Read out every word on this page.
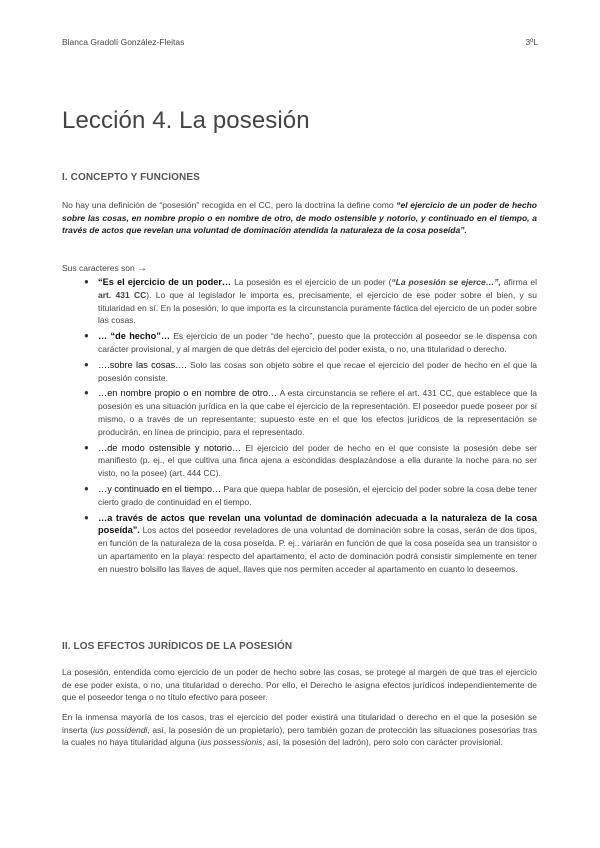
Blanca Gradolí González-Fleitas	3ºL
Lección 4. La posesión
I. CONCEPTO Y FUNCIONES

No hay una definición de “posesión” recogida en el CC, pero la doctrina la define como “el ejercicio de un poder de hecho sobre las cosas, en nombre propio o en nombre de otro, de modo ostensible y notorio, y continuado en el tiempo, a través de actos que revelan una voluntad de dominación atendida la naturaleza de la cosa poseída”.

Sus caracteres son →

● “Es el ejercicio de un poder… La posesión es el ejercicio de un poder (“La posesión se ejerce…”, afirma el art. 431 CC). Lo que al legislador le importa es, precisamente, el ejercicio de ese poder sobre el bien, y su titularidad en sí. En la posesión, lo que importa es la circunstancia puramente fáctica del ejercicio de un poder sobre las cosas.
● … “de hecho”… Es ejercicio de un poder “de hecho”, puesto que la protección al poseedor se le dispensa con carácter provisional, y al margen de que detrás del ejercicio del poder exista, o no, una titularidad o derecho.
● ….sobre las cosas…. Solo las cosas son objeto sobre el que recae el ejercicio del poder de hecho en el que la posesión consiste.
● …en nombre propio o en nombre de otro… A esta circunstancia se refiere el art. 431 CC, que establece que la posesión es una situación jurídica en la que cabe el ejercicio de la representación. El poseedor puede poseer por sí mismo, o a través de un representante; supuesto este en el que los efectos jurídicos de la representación se producirán, en línea de principio, para el representado.
● …de modo ostensible y notorio… El ejercicio del poder de hecho en el que consiste la posesión debe ser manifiesto (p. ej., el que cultiva una finca ajena a escondidas desplazándose a ella durante la noche para no ser visto, no la posee) (art. 444 CC).
● …y continuado en el tiempo… Para que quepa hablar de posesión, el ejercicio del poder sobre la cosa debe tener cierto grado de continuidad en el tiempo.
● …a través de actos que revelan una voluntad de dominación adecuada a la naturaleza de la cosa poseída”. Los actos del poseedor reveladores de una voluntad de dominación sobre la cosas, serán de dos tipos, en función de la naturaleza de la cosa poseída. P. ej.. variarán en función de que la cosa poseída sea un transistor o un apartamento en la playa: respecto del apartamento, el acto de dominación podrá consistir simplemente en tener en nuestro bolsillo las llaves de aquel, llaves que nos permiten acceder al apartamento en cuanto lo deseemos.
II. LOS EFECTOS JURÍDICOS DE LA POSESIÓN

La posesión, entendida como ejercicio de un poder de hecho sobre las cosas, se protege al margen de que tras el ejercicio de ese poder exista, o no, una titularidad o derecho. Por ello, el Derecho le asigna efectos jurídicos independientemente de que el poseedor tenga o no título efectivo para poseer.

En la inmensa mayoría de los casos, tras el ejercicio del poder existirá una titularidad o derecho en el que la posesión se inserta (ius possidendi, así, la posesión de un propietario), pero también gozan de protección las situaciones posesorias tras la cuales no haya titularidad alguna (ius possessionis, así, la posesión del ladrón), pero solo con carácter provisional.
